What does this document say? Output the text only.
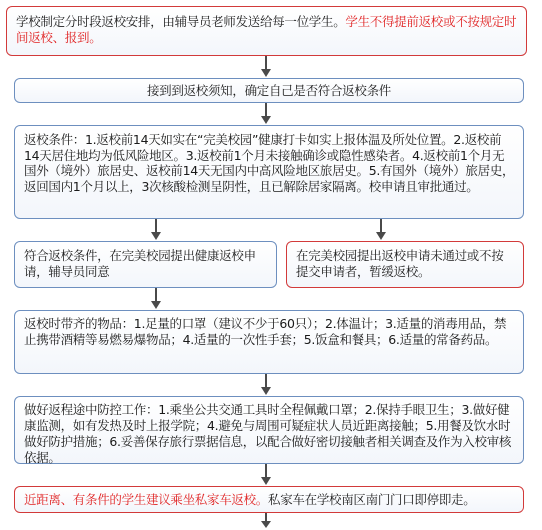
学校制定分时段返校安排，由辅导员老师发送给每一位学生。学生不得提前返校或不按规定时间返校、报到。

接到到返校须知，确定自己是否符合返校条件

返校条件：1.返校前14天如实在“完美校园”健康打卡如实上报体温及所处位置。2.返校前14天居住地均为低风险地区。3.返校前1个月未接触确诊或隐性感染者。4.返校前1个月无国外（境外）旅居史、返校前14天无国内中高风险地区旅居史。5.有国外（境外）旅居史，返回国内1个月以上，3次核酸检测呈阴性，且已解除居家隔离。校申请且审批通过。

符合返校条件，在完美校园提出健康返校申请，辅导员同意

在完美校园提出返校申请未通过或不按提交申请者，暂缓返校。

返校时带齐的物品：1.足量的口罩（建议不少于60只）；2.体温计；3.适量的消毒用品，禁止携带酒精等易燃易爆物品；4.适量的一次性手套；5.饭盒和餐具；6.适量的常备药品。

做好返程途中防控工作：1.乘坐公共交通工具时全程佩戴口罩；2.保持手眼卫生；3.做好健康监测，如有发热及时上报学院；4.避免与周围可疑症状人员近距离接触；5.用餐及饮水时做好防护措施；6.妥善保存旅行票据信息，以配合做好密切接触者相关调查及作为入校审核依据。

近距离、有条件的学生建议乘坐私家车返校。私家车在学校南区南门门口即停即走。
